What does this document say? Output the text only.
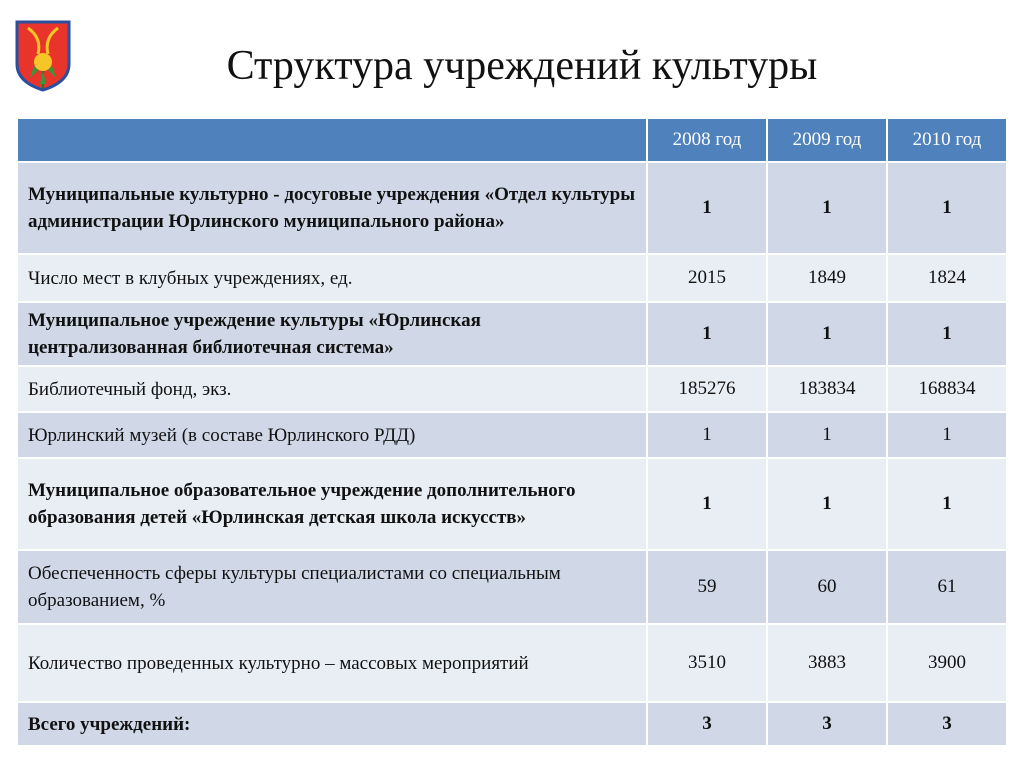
Структура учреждений культуры
	2008 год	2009 год	2010 год
Муниципальные культурно - досуговые учреждения «Отдел культуры администрации Юрлинского муниципального района»	1	1	1
Число мест в клубных учреждениях, ед.	2015	1849	1824
Муниципальное учреждение культуры «Юрлинская централизованная библиотечная система»	1	1	1
Библиотечный фонд, экз.	185276	183834	168834
Юрлинский музей (в составе Юрлинского РДД)	1	1	1
Муниципальное образовательное учреждение дополнительного образования детей «Юрлинская детская школа искусств»	1	1	1
Обеспеченность сферы культуры специалистами со специальным образованием, %	59	60	61
Количество проведенных культурно – массовых мероприятий	3510	3883	3900
Всего учреждений:	3	3	3
